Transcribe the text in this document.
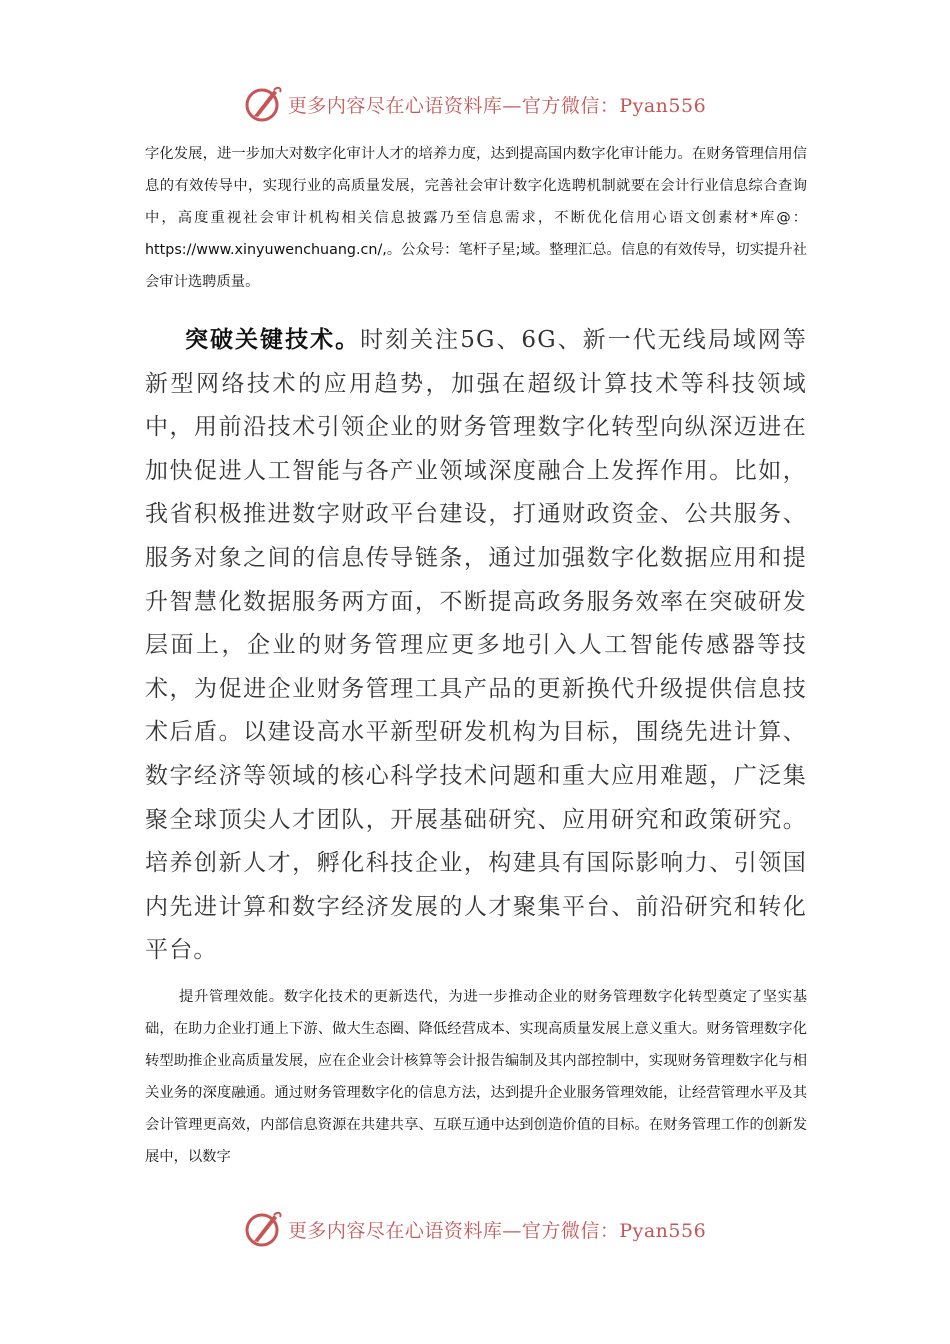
更多内容尽在心语资料库—官方微信：Pyan556

字化发展，进一步加大对数字化审计人才的培养力度，达到提高国内数字化审计能力。在财务管理信用信息的有效传导中，实现行业的高质量发展，完善社会审计数字化选聘机制就要在会计行业信息综合查询中，高度重视社会审计机构相关信息披露乃至信息需求，不断优化信用心语文创素材*库@：https://www.xinyuwenchuang.cn/,。公众号：笔杆子星;域。整理汇总。信息的有效传导，切实提升社会审计选聘质量。

突破关键技术。时刻关注5G、6G、新一代无线局域网等新型网络技术的应用趋势，加强在超级计算技术等科技领域中，用前沿技术引领企业的财务管理数字化转型向纵深迈进在加快促进人工智能与各产业领域深度融合上发挥作用。比如，我省积极推进数字财政平台建设，打通财政资金、公共服务、服务对象之间的信息传导链条，通过加强数字化数据应用和提升智慧化数据服务两方面，不断提高政务服务效率在突破研发层面上，企业的财务管理应更多地引入人工智能传感器等技术，为促进企业财务管理工具产品的更新换代升级提供信息技术后盾。以建设高水平新型研发机构为目标，围绕先进计算、数字经济等领域的核心科学技术问题和重大应用难题，广泛集聚全球顶尖人才团队，开展基础研究、应用研究和政策研究。培养创新人才，孵化科技企业，构建具有国际影响力、引领国内先进计算和数字经济发展的人才聚集平台、前沿研究和转化平台。

提升管理效能。数字化技术的更新迭代，为进一步推动企业的财务管理数字化转型奠定了坚实基础，在助力企业打通上下游、做大生态圈、降低经营成本、实现高质量发展上意义重大。财务管理数字化转型助推企业高质量发展，应在企业会计核算等会计报告编制及其内部控制中，实现财务管理数字化与相关业务的深度融通。通过财务管理数字化的信息方法，达到提升企业服务管理效能，让经营管理水平及其会计管理更高效，内部信息资源在共建共享、互联互通中达到创造价值的目标。在财务管理工作的创新发展中，以数字

更多内容尽在心语资料库—官方微信：Pyan556
